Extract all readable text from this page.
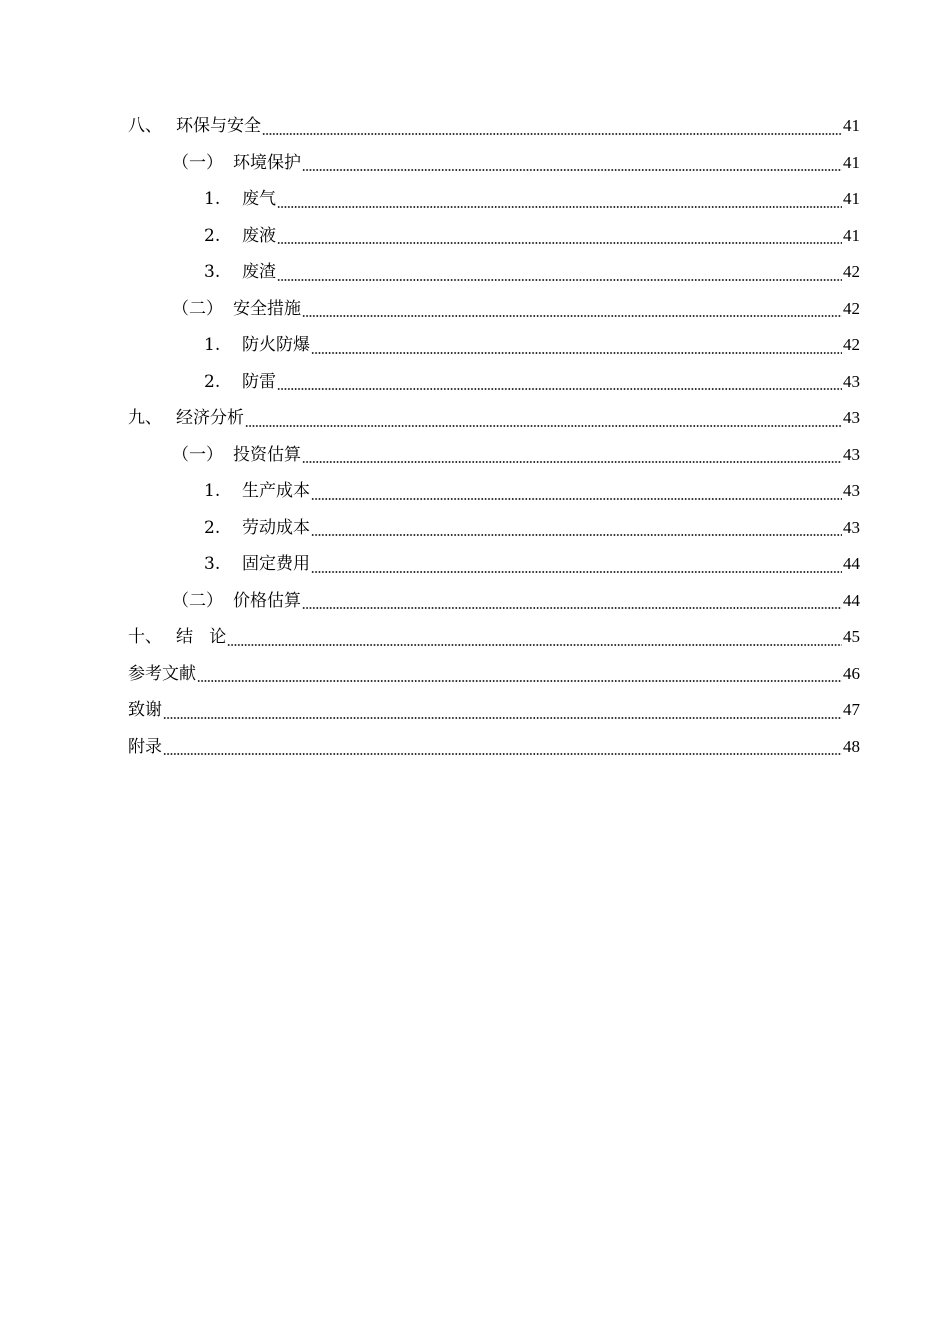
八、 环保与安全	41
（一） 环境保护	41
1.	废气	41
2.	废液	41
3.	废渣	42
（二） 安全措施	42
1.	防火防爆	42
2.	防雷	43
九、 经济分析	43
（一） 投资估算	43
1.	生产成本	43
2.	劳动成本	43
3.	固定费用	44
（二） 价格估算	44
十、 结   论	45
参考文献	46
致谢	47
附录	48
